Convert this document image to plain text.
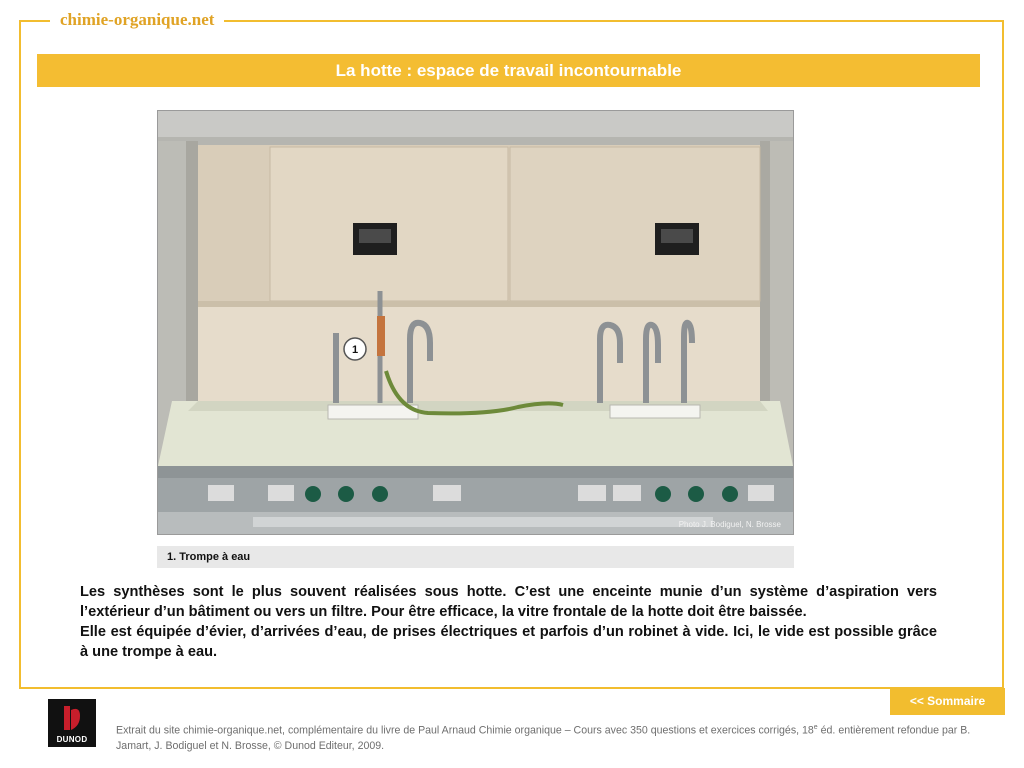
chimie-organique.net
La hotte : espace de travail incontournable
1
Photo J. Bodiguel, N. Brosse
1. Trompe à eau

Les synthèses sont le plus souvent réalisées sous hotte. C’est une enceinte munie d’un système d’aspiration vers l’extérieur d’un bâtiment ou vers un filtre. Pour être efficace, la vitre frontale de la hotte doit être baissée.

Elle est équipée d’évier, d’arrivées d’eau, de prises électriques et parfois d’un robinet à vide. Ici, le vide est possible grâce à une trompe à eau.

<< Sommaire
DUNOD
Extrait du site chimie-organique.net, complémentaire du livre de Paul Arnaud Chimie organique – Cours avec 350 questions et exercices corrigés, 18e éd. entièrement refondue par B. Jamart, J. Bodiguel et N. Brosse, © Dunod Editeur, 2009.
